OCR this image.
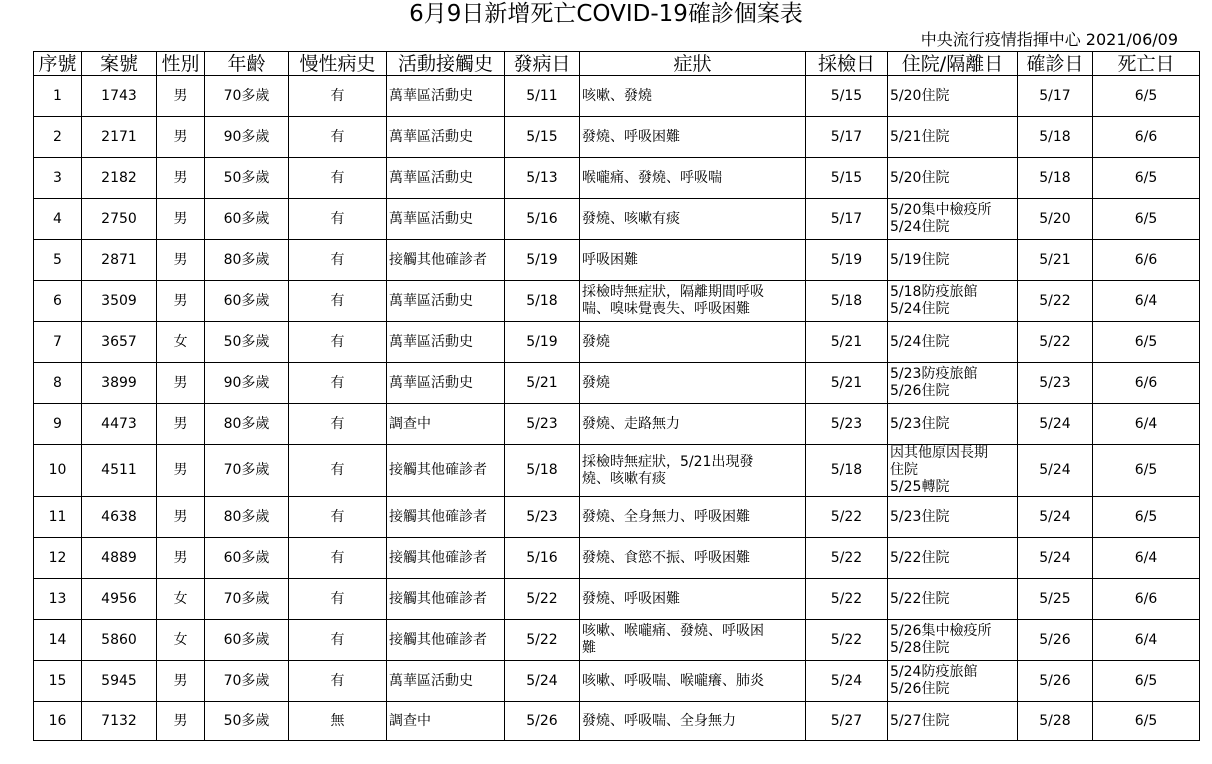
6月9日新增死亡COVID-19確診個案表
中央流行疫情指揮中心 2021/06/09
序號	案號	性別	年齡	慢性病史	活動接觸史	發病日	症狀	採檢日	住院/隔離日	確診日	死亡日
1	1743	男	70多歲	有	萬華區活動史	5/11	咳嗽、發燒	5/15	5/20住院	5/17	6/5
2	2171	男	90多歲	有	萬華區活動史	5/15	發燒、呼吸困難	5/17	5/21住院	5/18	6/6
3	2182	男	50多歲	有	萬華區活動史	5/13	喉嚨痛、發燒、呼吸喘	5/15	5/20住院	5/18	6/5
4	2750	男	60多歲	有	萬華區活動史	5/16	發燒、咳嗽有痰	5/17	5/20集中檢疫所
5/24住院	5/20	6/5
5	2871	男	80多歲	有	接觸其他確診者	5/19	呼吸困難	5/19	5/19住院	5/21	6/6
6	3509	男	60多歲	有	萬華區活動史	5/18	採檢時無症狀，隔離期間呼吸
喘、嗅味覺喪失、呼吸困難	5/18	5/18防疫旅館
5/24住院	5/22	6/4
7	3657	女	50多歲	有	萬華區活動史	5/19	發燒	5/21	5/24住院	5/22	6/5
8	3899	男	90多歲	有	萬華區活動史	5/21	發燒	5/21	5/23防疫旅館
5/26住院	5/23	6/6
9	4473	男	80多歲	有	調查中	5/23	發燒、走路無力	5/23	5/23住院	5/24	6/4
10	4511	男	70多歲	有	接觸其他確診者	5/18	採檢時無症狀，5/21出現發
燒、咳嗽有痰	5/18	因其他原因長期
住院
5/25轉院	5/24	6/5
11	4638	男	80多歲	有	接觸其他確診者	5/23	發燒、全身無力、呼吸困難	5/22	5/23住院	5/24	6/5
12	4889	男	60多歲	有	接觸其他確診者	5/16	發燒、食慾不振、呼吸困難	5/22	5/22住院	5/24	6/4
13	4956	女	70多歲	有	接觸其他確診者	5/22	發燒、呼吸困難	5/22	5/22住院	5/25	6/6
14	5860	女	60多歲	有	接觸其他確診者	5/22	咳嗽、喉嚨痛、發燒、呼吸困
難	5/22	5/26集中檢疫所
5/28住院	5/26	6/4
15	5945	男	70多歲	有	萬華區活動史	5/24	咳嗽、呼吸喘、喉嚨癢、肺炎	5/24	5/24防疫旅館
5/26住院	5/26	6/5
16	7132	男	50多歲	無	調查中	5/26	發燒、呼吸喘、全身無力	5/27	5/27住院	5/28	6/5
